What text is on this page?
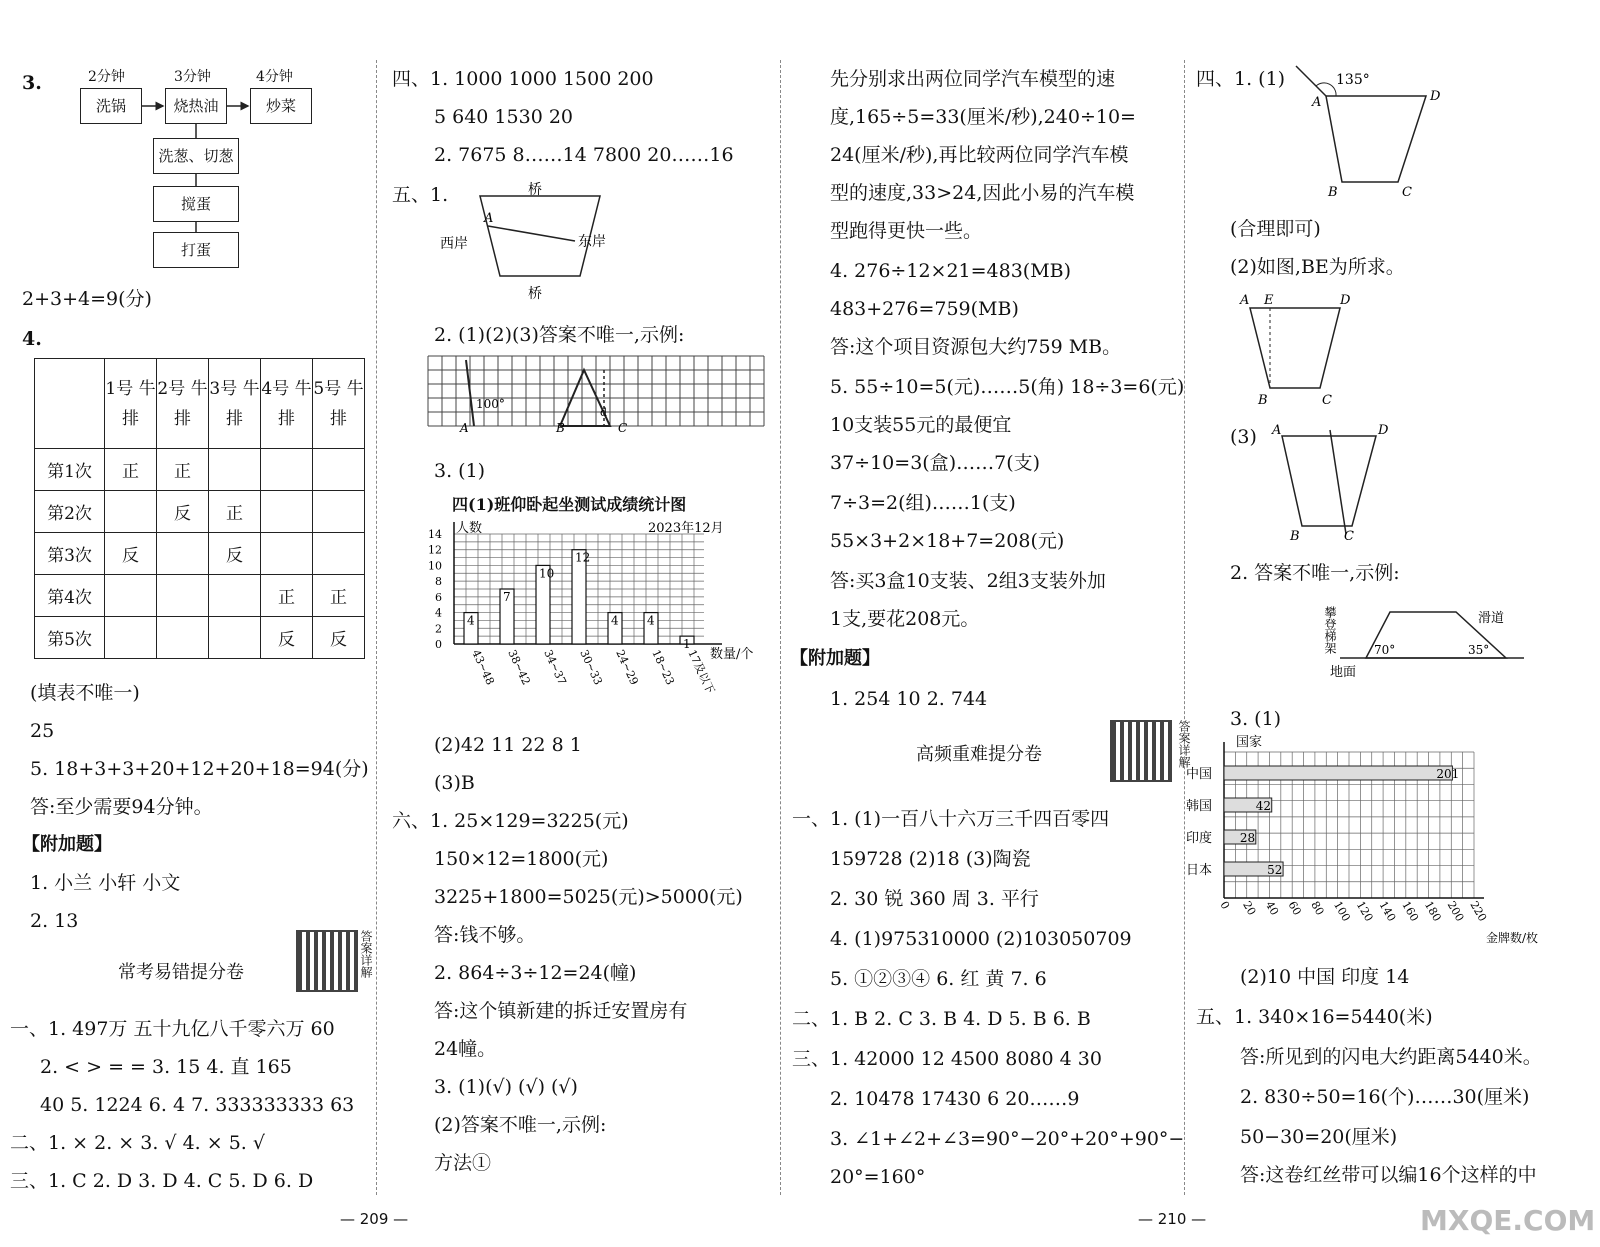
3.	2分钟	3分钟	4分钟
洗锅	烧热油	炒菜
洗葱、切葱
搅蛋
打蛋
2+3+4=9(分)
4.
	1号 牛排	2号 牛排	3号 牛排	4号 牛排	5号 牛排
第1次	正	正			
第2次		反	正		
第3次	反		反		
第4次				正	正
第5次				反	反
(填表不唯一)
25
5. 18+3+3+20+12+20+18=94(分)
答:至少需要94分钟。
【附加题】
1. 小兰 小轩 小文
2. 13
常考易错提分卷	答案详解
一、1. 497万 五十九亿八千零六万 60
2. < > = = 3. 15 4. 直 165
40 5. 1224 6. 4 7. 333333333 63
二、1. × 2. × 3. √ 4. × 5. √
三、1. C 2. D 3. D 4. C 5. D 6. D
四、1. 1000 1000 1500 200
5 640 1530 20
2. 7675 8……14 7800 20……16
五、1.	桥
桥
西岸	东岸
A
2. (1)(2)(3)答案不唯一,示例:
100°
A	B	C
d
3. (1)
四(1)班仰卧起坐测试成绩统计图
人数	2023年12月
数量/个
0
2
4
6
8
10
12
14
4
43~48
7
38~42
10
34~37
12
30~33
4
24~29
4
18~23
1
17及以下
(2)42 11 22 8 1
(3)B
六、1. 25×129=3225(元)
150×12=1800(元)
3225+1800=5025(元)>5000(元)
答:钱不够。
2. 864÷3÷12=24(幢)
答:这个镇新建的拆迁安置房有
24幢。
3. (1)(√) (√) (√)
(2)答案不唯一,示例:
方法①
— 209 —
先分别求出两位同学汽车模型的速
度,165÷5=33(厘米/秒),240÷10=
24(厘米/秒),再比较两位同学汽车模
型的速度,33>24,因此小易的汽车模
型跑得更快一些。
4. 276÷12×21=483(MB)
483+276=759(MB)
答:这个项目资源包大约759 MB。
5. 55÷10=5(元)……5(角) 18÷3=6(元)
10支装55元的最便宜
37÷10=3(盒)……7(支)
7÷3=2(组)……1(支)
55×3+2×18+7=208(元)
答:买3盒10支装、2组3支装外加
1支,要花208元。
【附加题】
1. 254 10 2. 744
高频重难提分卷	答案详解
一、1. (1)一百八十六万三千四百零四
159728 (2)18 (3)陶瓷
2. 30 锐 360 周 3. 平行
4. (1)975310000 (2)103050709
5. ①②③④ 6. 红 黄 7. 6
二、1. B 2. C 3. B 4. D 5. B 6. B
三、1. 42000 12 4500 8080 4 30
2. 10478 17430 6 20……9
3. ∠1+∠2+∠3=90°−20°+20°+90°−
20°=160°
— 210 —
四、1. (1)	135°
A	D
B	C
(合理即可)
(2)如图,BE为所求。
A E	D
B	C
(3) A	D
B	C
2. 答案不唯一,示例:
攀登梯架	滑道
地面
70°	35°
3. (1)
国家
金牌数/枚
0 20 40 60 80 100 120 140 160 180 200 220
中国	201
韩国	42
印度 28
日本	52
(2)10 中国 印度 14
五、1. 340×16=5440(米)
答:所见到的闪电大约距离5440米。
2. 830÷50=16(个)……30(厘米)
50−30=20(厘米)
答:这卷红丝带可以编16个这样的中
MXQE.COM
